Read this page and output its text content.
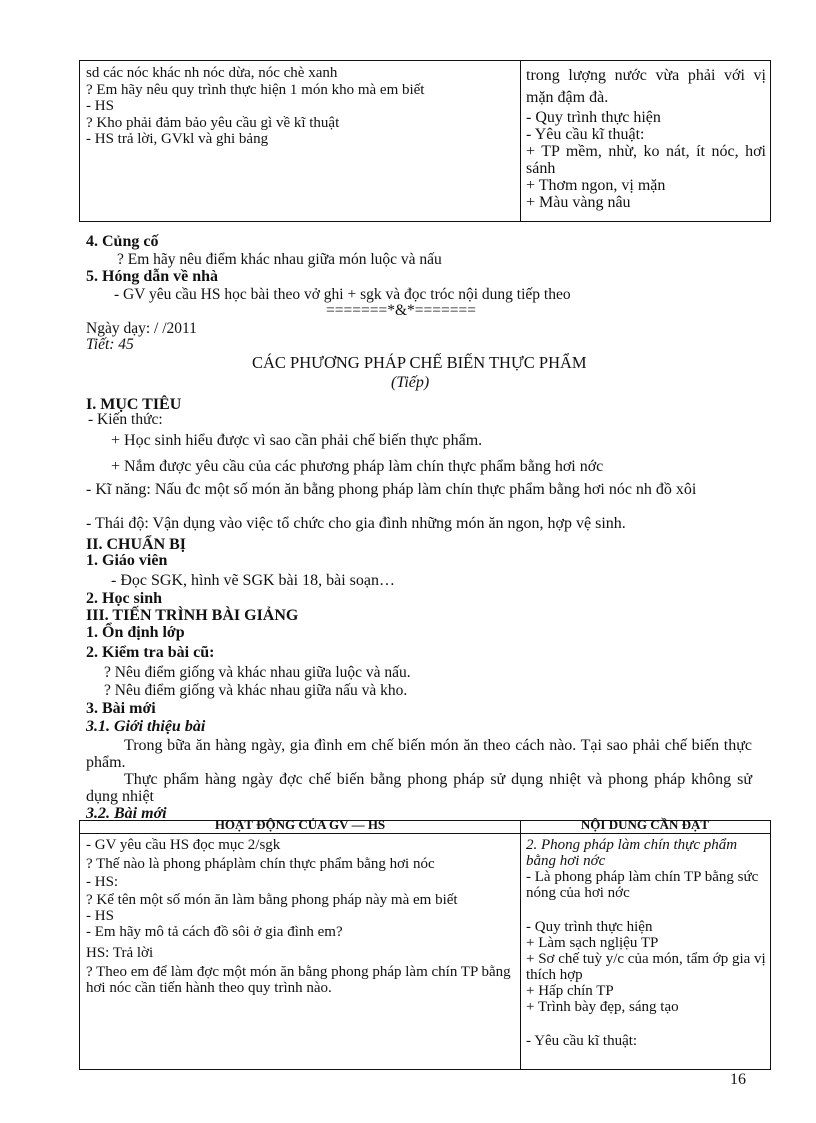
sd các nóc khác nh nóc dừa, nóc chè xanh
? Em hãy nêu quy trình thực hiện 1 món kho mà em biết
- HS
? Kho phải đảm bảo yêu cầu gì về kĩ thuật
- HS trả lời, GVkl và ghi bảng
trong lượng nước vừa phải với vị mặn đậm đà.
- Quy trình thực hiện
- Yêu cầu kĩ thuật:
+ TP mềm, nhừ, ko nát, ít nóc, hơi sánh
+ Thơm ngon, vị mặn
+ Màu vàng nâu
4. Củng cố
? Em hãy nêu điểm khác nhau giữa món luộc và nấu
5. Hóng dẫn về nhà
- GV yêu cầu HS học bài theo vở ghi + sgk và đọc tróc nội dung tiếp theo
=======*&*=======
Ngày dạy: / /2011
Tiết: 45
CÁC PHƯƠNG PHÁP CHẾ BIẾN THỰC PHẨM
(Tiếp)
I. MỤC TIÊU
- Kiến thức:
+ Học sinh hiểu được vì sao cần phải chế biến thực phẩm.
+ Nắm được yêu cầu của các phương pháp làm chín thực phẩm bằng hơi nớc
- Kĩ năng: Nấu đc một số món ăn bằng phong pháp làm chín thực phẩm bằng hơi nóc nh đồ xôi
- Thái độ: Vận dụng vào việc tổ chức cho gia đình những món ăn ngon, hợp vệ sinh.
II. CHUẨN BỊ
1. Giáo viên
- Đọc SGK, hình vẽ SGK bài 18, bài soạn…
2. Học sinh
III. TIẾN TRÌNH BÀI GIẢNG
1. Ổn định lớp
2. Kiểm tra bài cũ:
? Nêu điểm giống và khác nhau giữa luộc và nấu.
? Nêu điểm giống và khác nhau giữa nấu và kho.
3. Bài mới
3.1. Giới thiệu bài
Trong bữa ăn hàng ngày, gia đình em chế biến món ăn theo cách nào. Tại sao phải chế biến thực phẩm.
Thực phẩm hàng ngày đợc chế biến bằng phong pháp sử dụng nhiệt và phong pháp không sử dụng nhiệt
3.2. Bài mới
HOẠT ĐỘNG CỦA GV — HS	NỘI DUNG CẦN ĐẠT
- GV yêu cầu HS đọc mục 2/sgk
? Thế nào là phong pháplàm chín thực phẩm bằng hơi nóc
- HS:
? Kể tên một số món ăn làm bằng phong pháp này mà em biết
- HS
- Em hãy mô tả cách đồ sôi ở gia đình em?
HS: Trả lời
? Theo em để làm đợc một món ăn bằng phong pháp làm chín TP bằng hơi nóc cần tiến hành theo quy trình nào.
2. Phong pháp làm chín thực phẩm bằng hơi nớc
- Là phong pháp làm chín TP bằng sức nóng của hơi nớc
- Quy trình thực hiện
+ Làm sạch nglịệu TP
+ Sơ chế tuỳ y/c của món, tẩm ớp gia vị thích hợp
+ Hấp chín TP
+ Trình bày đẹp, sáng tạo
- Yêu cầu kĩ thuật:
16
